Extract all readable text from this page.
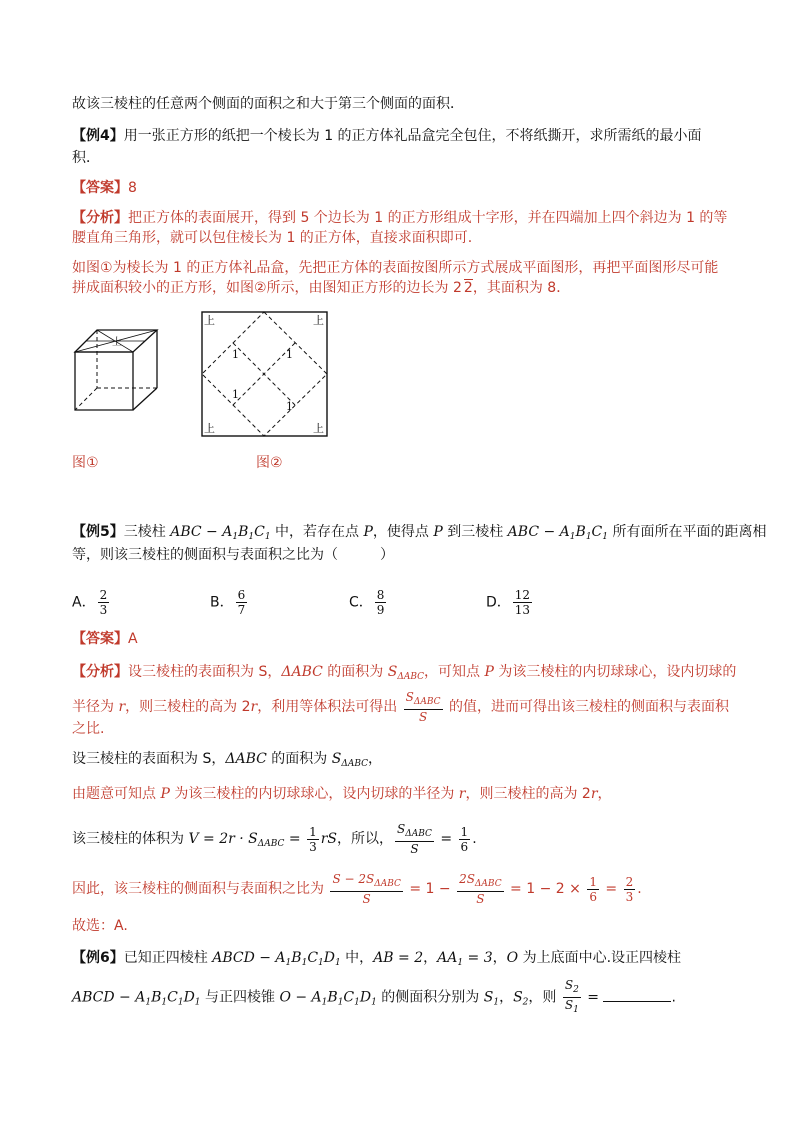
故该三棱柱的任意两个侧面的面积之和大于第三个侧面的面积．
【例4】用一张正方形的纸把一个棱长为 1 的正方体礼品盒完全包住，不将纸撕开，求所需纸的最小面
积．
【答案】8
【分析】把正方体的表面展开，得到 5 个边长为 1 的正方形组成十字形，并在四端加上四个斜边为 1 的等
腰直角三角形，就可以包住棱长为 1 的正方体，直接求面积即可.
如图①为棱长为 1 的正方体礼品盒，先把正方体的表面按图所示方式展成平面图形，再把平面图形尽可能
拼成面积较小的正方形，如图②所示，由图知正方形的边长为 2 2，其面积为 8．
上
上	上
上	上
1	1
1
1
图①	图②
【例5】三棱柱 ABC − $A_1B_1C_1$ 中，若存在点 P，使得点 P 到三棱柱 ABC − $A_1B_1C_1$ 所有面所在平面的距离相
等，则该三棱柱的侧面积与表面积之比为（　　　）
A． $\frac{2}{3}$	B． $\frac{6}{7}$	C． $\frac{8}{9}$	D． $\frac{12}{13}$
【答案】A
【分析】设三棱柱的表面积为 S，ΔABC 的面积为 $S_{\Delta ABC}$，可知点 P 为该三棱柱的内切球球心，设内切球的
半径为 r，则三棱柱的高为 2r，利用等体积法可得出 $\frac{S_{\Delta ABC}}{S}$ 的值，进而可得出该三棱柱的侧面积与表面积
之比.
设三棱柱的表面积为 S，ΔABC 的面积为 $S_{\Delta ABC}$，
由题意可知点 P 为该三棱柱的内切球球心，设内切球的半径为 r，则三棱柱的高为 2r，
该三棱柱的体积为 $V = 2r \cdot S_{\Delta ABC} = \frac{1}{3}$ rS，所以， $\frac{S_{\Delta ABC}}{S} = \frac{1}{6}$ .
因此，该三棱柱的侧面积与表面积之比为 $\frac{S - 2S_{\Delta ABC}}{S} = 1 - \frac{2S_{\Delta ABC}}{S} = 1 - 2 \times \frac{1}{6} = \frac{2}{3}$ .
故选：A.
【例6】已知正四棱柱 ABCD − $A_1B_1C_1D_1$ 中，AB = 2，$AA_1 = 3$，O 为上底面中心.设正四棱柱
ABCD − $A_1B_1C_1D_1$ 与正四棱锥 $O - A_1B_1C_1D_1$ 的侧面积分别为 $S_1$，$S_2$，则 $\frac{S_2}{S_1}$ =	.
